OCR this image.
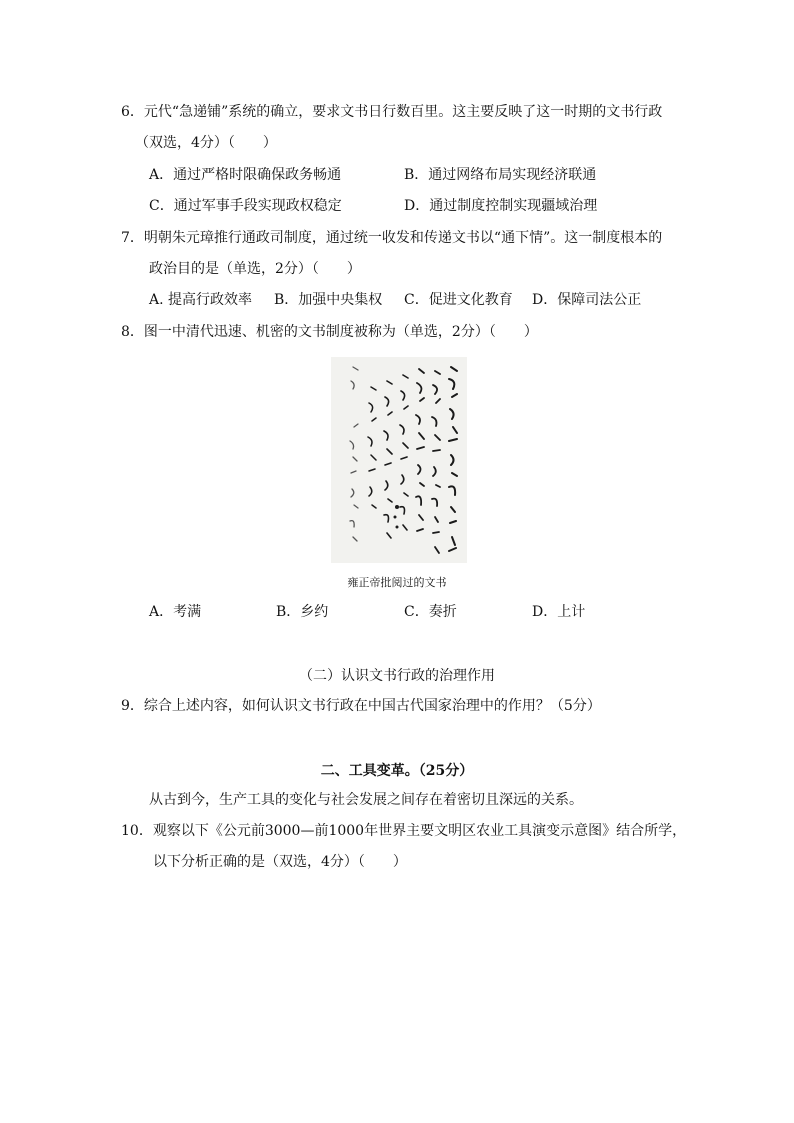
6．元代“急递铺”系统的确立，要求文书日行数百里。这主要反映了这一时期的文书行政
（双选，4分）（　　）
A．通过严格时限确保政务畅通	B．通过网络布局实现经济联通
C．通过军事手段实现政权稳定	D．通过制度控制实现疆域治理
7．明朝朱元璋推行通政司制度，通过统一收发和传递文书以“通下情”。这一制度根本的
政治目的是（单选，2分）（　　）
A. 提高行政效率 B．加强中央集权 C．促进文化教育 D．保障司法公正
8．图一中清代迅速、机密的文书制度被称为（单选，2分）（　　）
雍正帝批阅过的文书
A．考满	B．乡约	C．奏折	D．上计
（二）认识文书行政的治理作用
9．综合上述内容，如何认识文书行政在中国古代国家治理中的作用？（5分）
二、工具变革。（25分）
从古到今，生产工具的变化与社会发展之间存在着密切且深远的关系。
10．观察以下《公元前3000—前1000年世界主要文明区农业工具演变示意图》结合所学，
以下分析正确的是（双选，4分）（　　）
